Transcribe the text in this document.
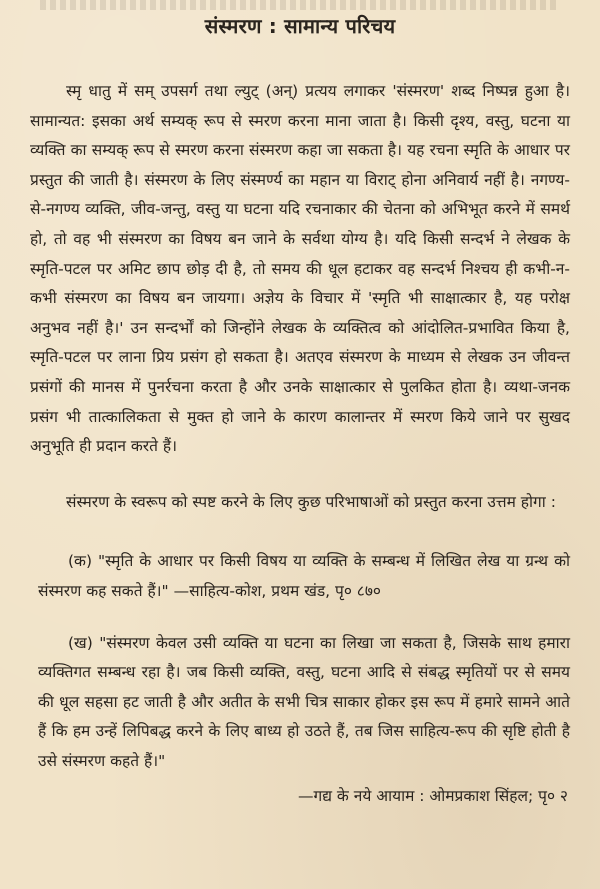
संस्मरण : सामान्य परिचय

स्मृ धातु में सम् उपसर्ग तथा ल्युट् (अन्) प्रत्यय लगाकर 'संस्मरण' शब्द निष्पन्न हुआ है। सामान्यत: इसका अर्थ सम्यक् रूप से स्मरण करना माना जाता है। किसी दृश्य, वस्तु, घटना या व्यक्ति का सम्यक् रूप से स्मरण करना संस्मरण कहा जा सकता है। यह रचना स्मृति के आधार पर प्रस्तुत की जाती है। संस्मरण के लिए संस्मर्ण्य का महान या विराट् होना अनिवार्य नहीं है। नगण्य-से-नगण्य व्यक्ति, जीव-जन्तु, वस्तु या घटना यदि रचनाकार की चेतना को अभिभूत करने में समर्थ हो, तो वह भी संस्मरण का विषय बन जाने के सर्वथा योग्य है। यदि किसी सन्दर्भ ने लेखक के स्मृति-पटल पर अमिट छाप छोड़ दी है, तो समय की धूल हटाकर वह सन्दर्भ निश्चय ही कभी-न-कभी संस्मरण का विषय बन जायगा। अज्ञेय के विचार में 'स्मृति भी साक्षात्कार है, यह परोक्ष अनुभव नहीं है।' उन सन्दर्भों को जिन्होंने लेखक के व्यक्तित्व को आंदोलित-प्रभावित किया है, स्मृति-पटल पर लाना प्रिय प्रसंग हो सकता है। अतएव संस्मरण के माध्यम से लेखक उन जीवन्त प्रसंगों की मानस में पुनर्रचना करता है और उनके साक्षात्कार से पुलकित होता है। व्यथा-जनक प्रसंग भी तात्कालिकता से मुक्त हो जाने के कारण कालान्तर में स्मरण किये जाने पर सुखद अनुभूति ही प्रदान करते हैं।

संस्मरण के स्वरूप को स्पष्ट करने के लिए कुछ परिभाषाओं को प्रस्तुत करना उत्तम होगा :

(क) "स्मृति के आधार पर किसी विषय या व्यक्ति के सम्बन्ध में लिखित लेख या ग्रन्थ को संस्मरण कह सकते हैं।" —साहित्य-कोश, प्रथम खंड, पृ० ८७०

(ख) "संस्मरण केवल उसी व्यक्ति या घटना का लिखा जा सकता है, जिसके साथ हमारा व्यक्तिगत सम्बन्ध रहा है। जब किसी व्यक्ति, वस्तु, घटना आदि से संबद्ध स्मृतियों पर से समय की धूल सहसा हट जाती है और अतीत के सभी चित्र साकार होकर इस रूप में हमारे सामने आते हैं कि हम उन्हें लिपिबद्ध करने के लिए बाध्य हो उठते हैं, तब जिस साहित्य-रूप की सृष्टि होती है उसे संस्मरण कहते हैं।"

—गद्य के नये आयाम : ओमप्रकाश सिंहल; पृ० २
